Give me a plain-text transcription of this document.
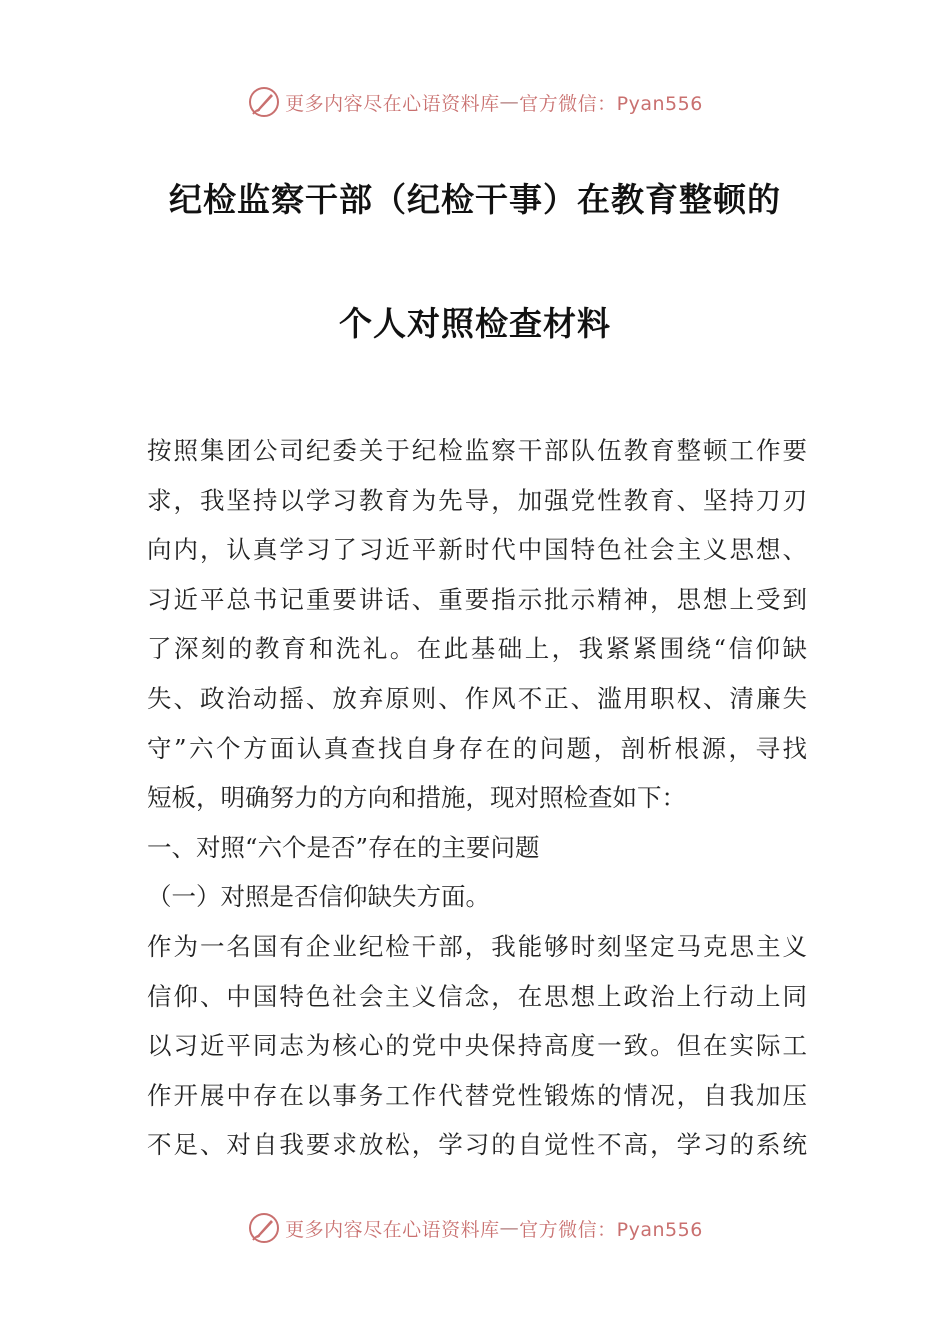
更多内容尽在心语资料库 — 官方微信：Pyan556
纪检监察干部（纪检干事）在教育整顿的
个人对照检查材料
按照集团公司纪委关于纪检监察干部队伍教育整顿工作要
求，我坚持以学习教育为先导，加强党性教育、坚持刀刃
向内，认真学习了习近平新时代中国特色社会主义思想、
习近平总书记重要讲话、重要指示批示精神，思想上受到
了深刻的教育和洗礼。在此基础上，我紧紧围绕“信仰缺
失、政治动摇、放弃原则、作风不正、滥用职权、清廉失
守”六个方面认真查找自身存在的问题，剖析根源，寻找
短板，明确努力的方向和措施，现对照检查如下：
一、对照“六个是否”存在的主要问题
（一）对照是否信仰缺失方面。
作为一名国有企业纪检干部，我能够时刻坚定马克思主义
信仰、中国特色社会主义信念，在思想上政治上行动上同
以习近平同志为核心的党中央保持高度一致。但在实际工
作开展中存在以事务工作代替党性锻炼的情况，自我加压
不足、对自我要求放松，学习的自觉性不高，学习的系统
更多内容尽在心语资料库 — 官方微信：Pyan556
